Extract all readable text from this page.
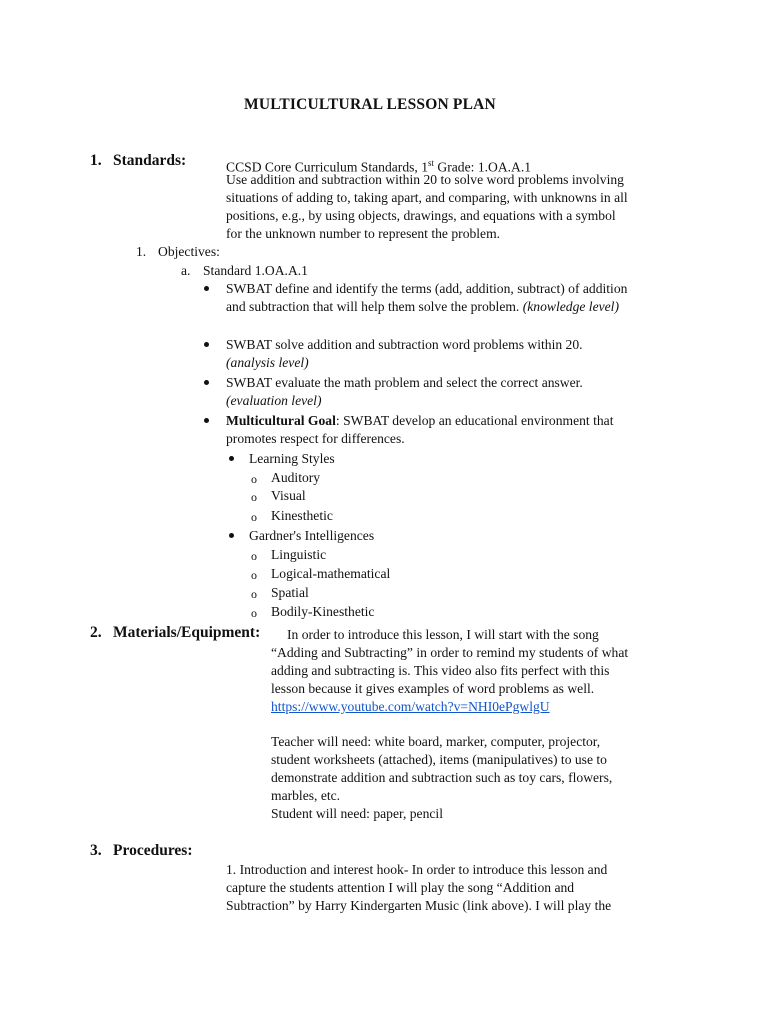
MULTICULTURAL LESSON PLAN
1. Standards:	CCSD Core Curriculum Standards, 1st Grade: 1.OA.A.1
Use addition and subtraction within 20 to solve word problems involving
situations of adding to, taking apart, and comparing, with unknowns in all
positions, e.g., by using objects, drawings, and equations with a symbol
for the unknown number to represent the problem.
1. Objectives:
a. Standard 1.OA.A.1
SWBAT define and identify the terms (add, addition, subtract) of addition
and subtraction that will help them solve the problem. (knowledge level)
SWBAT solve addition and subtraction word problems within 20.
(analysis level)
SWBAT evaluate the math problem and select the correct answer.
(evaluation level)
Multicultural Goal: SWBAT develop an educational environment that
promotes respect for differences.
Learning Styles
o Auditory
o Visual
o Kinesthetic
Gardner's Intelligences
o Linguistic
o Logical-mathematical
o Spatial
o Bodily-Kinesthetic
2. Materials/Equipment: In order to introduce this lesson, I will start with the song
“Adding and Subtracting” in order to remind my students of what
adding and subtracting is. This video also fits perfect with this
lesson because it gives examples of word problems as well.
https://www.youtube.com/watch?v=NHI0ePgwlgU
Teacher will need: white board, marker, computer, projector,
student worksheets (attached), items (manipulatives) to use to
demonstrate addition and subtraction such as toy cars, flowers,
marbles, etc.
Student will need: paper, pencil
3. Procedures:
1. Introduction and interest hook- In order to introduce this lesson and
capture the students attention I will play the song “Addition and
Subtraction” by Harry Kindergarten Music (link above). I will play the
